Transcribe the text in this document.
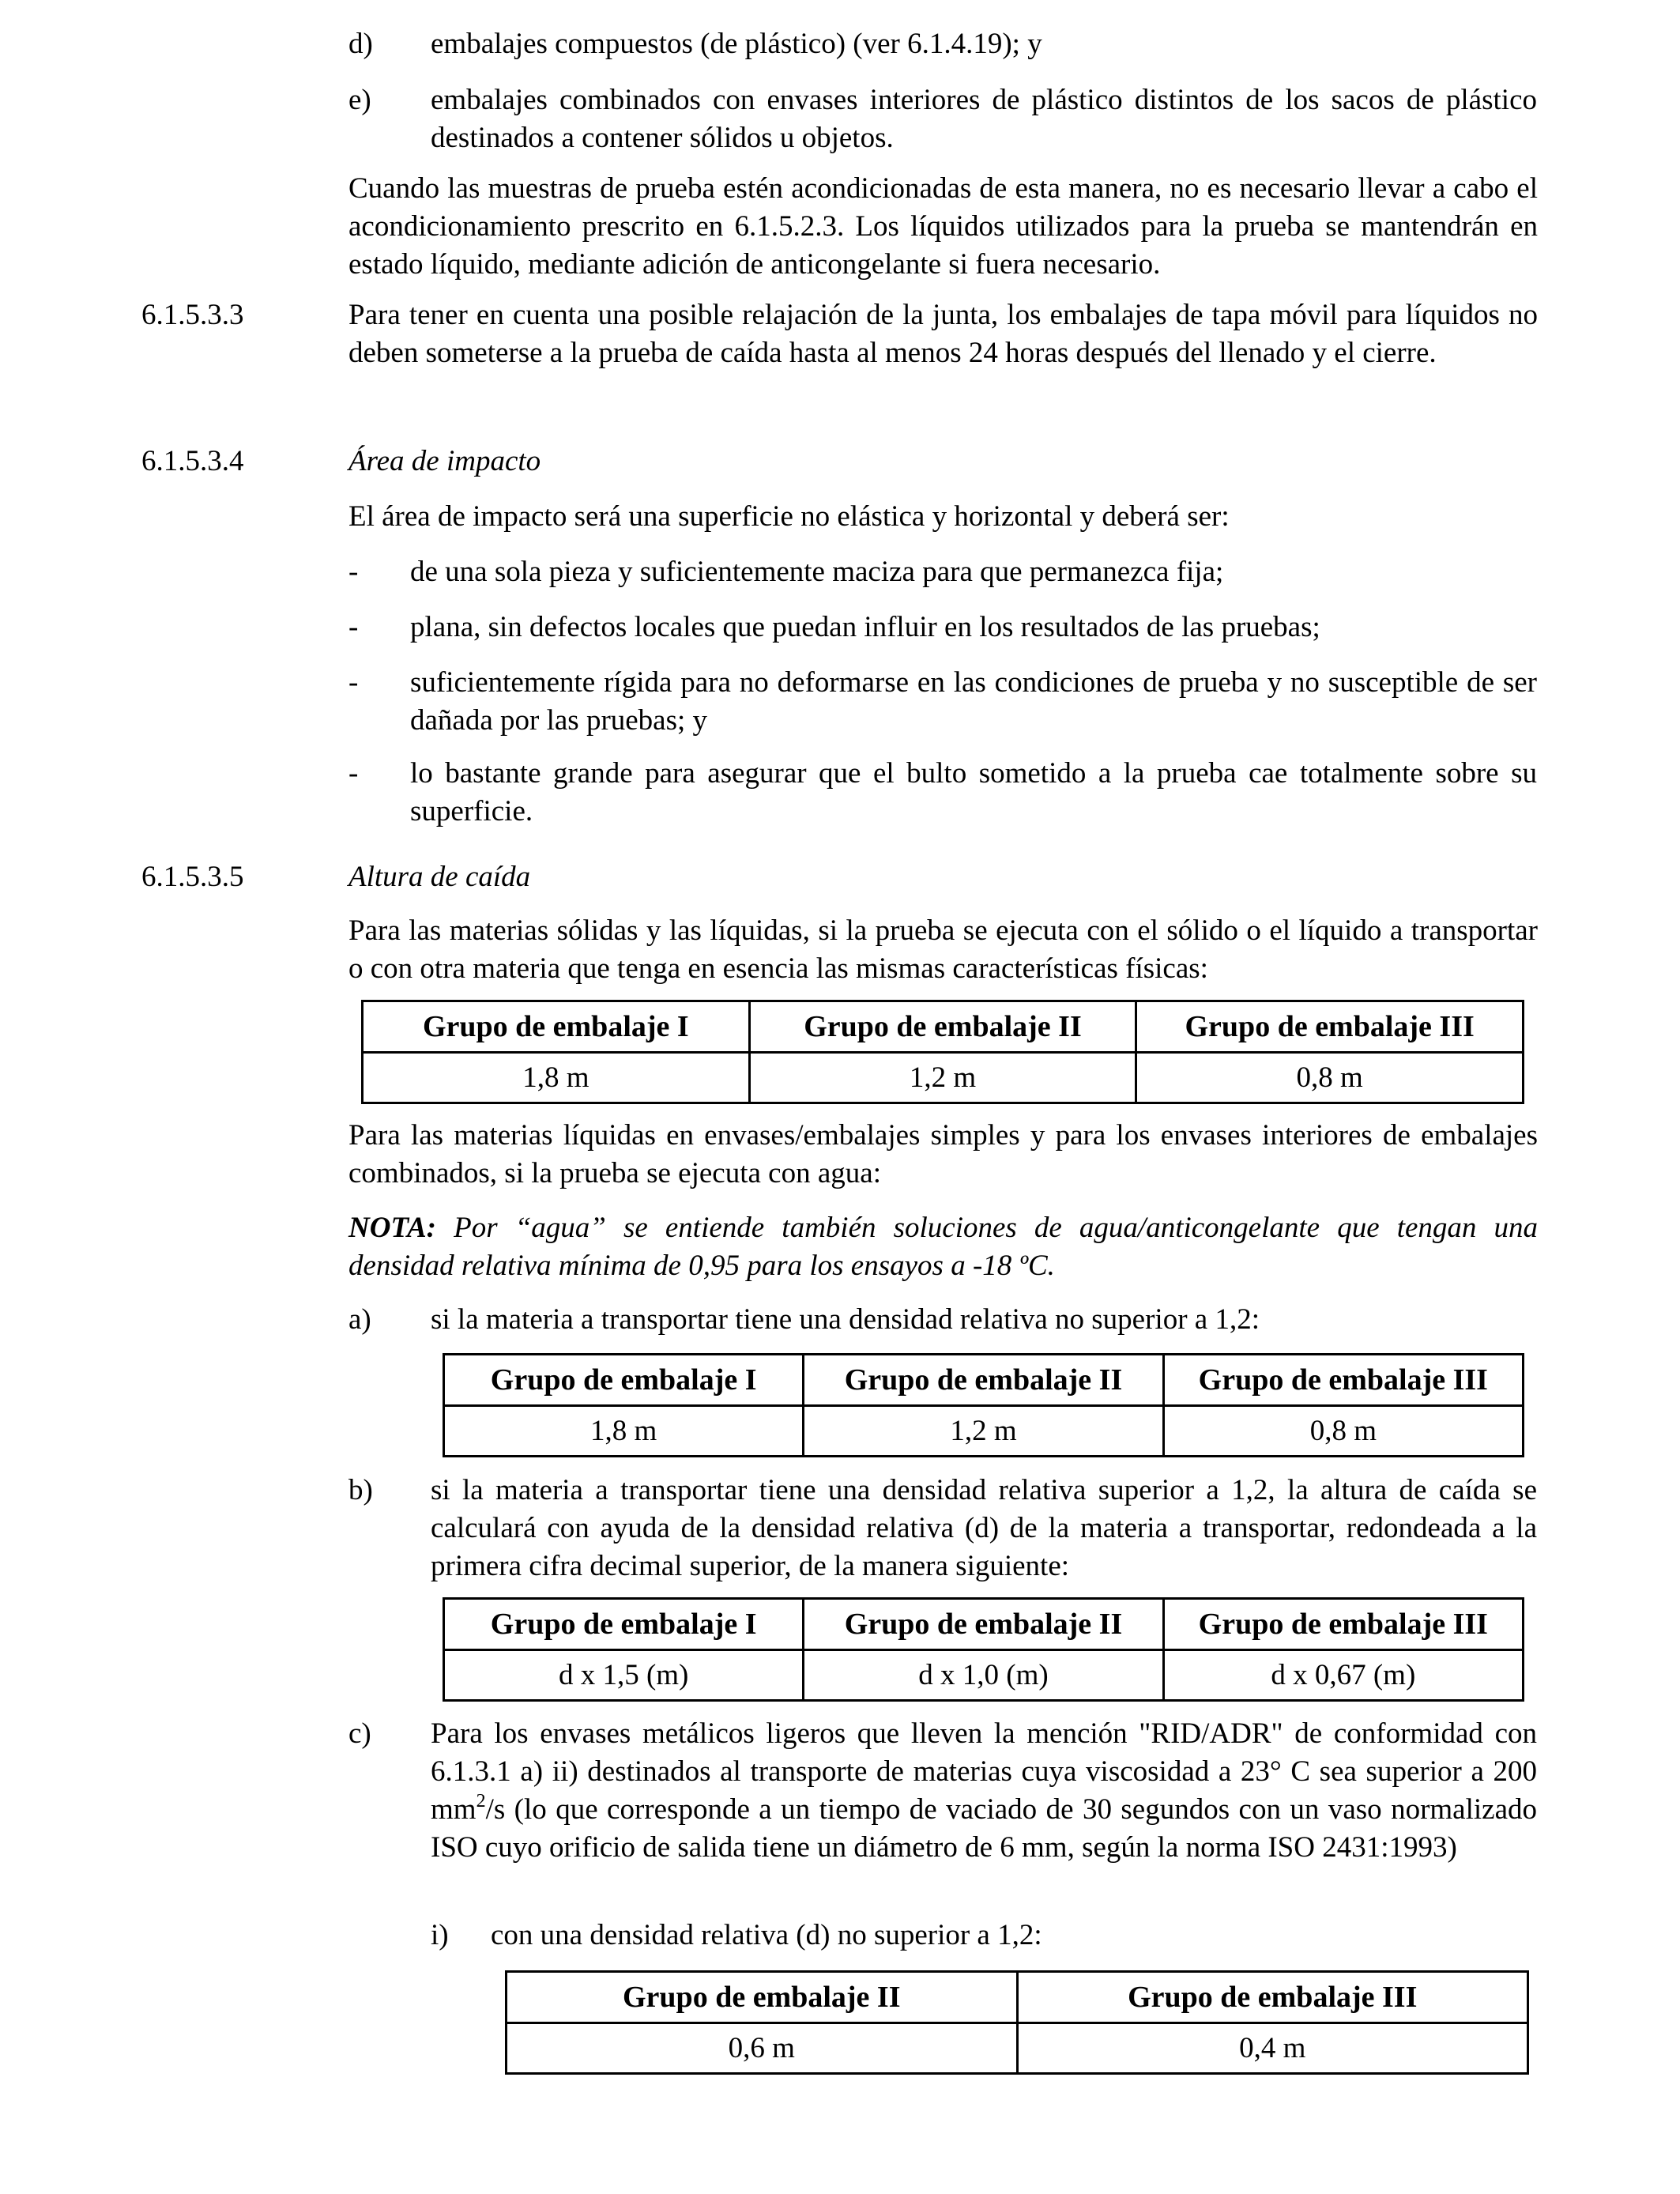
d) embalajes compuestos (de plástico) (ver 6.1.4.19); y
e) embalajes combinados con envases interiores de plástico distintos de los sacos de plástico destinados a contener sólidos u objetos.
Cuando las muestras de prueba estén acondicionadas de esta manera, no es necesario llevar a cabo el acondicionamiento prescrito en 6.1.5.2.3. Los líquidos utilizados para la prueba se mantendrán en estado líquido, mediante adición de anticongelante si fuera necesario.
6.1.5.3.3	Para tener en cuenta una posible relajación de la junta, los embalajes de tapa móvil para líquidos no deben someterse a la prueba de caída hasta al menos 24 horas después del llenado y el cierre.
6.1.5.3.4	Área de impacto
El área de impacto será una superficie no elástica y horizontal y deberá ser:
- de una sola pieza y suficientemente maciza para que permanezca fija;
- plana, sin defectos locales que puedan influir en los resultados de las pruebas;
- suficientemente rígida para no deformarse en las condiciones de prueba y no susceptible de ser dañada por las pruebas; y
- lo bastante grande para asegurar que el bulto sometido a la prueba cae totalmente sobre su superficie.
6.1.5.3.5	Altura de caída
Para las materias sólidas y las líquidas, si la prueba se ejecuta con el sólido o el líquido a transportar o con otra materia que tenga en esencia las mismas características físicas:
Grupo de embalaje I	Grupo de embalaje II	Grupo de embalaje III
1,8 m	1,2 m	0,8 m
Para las materias líquidas en envases/embalajes simples y para los envases interiores de embalajes combinados, si la prueba se ejecuta con agua:
NOTA: Por “agua” se entiende también soluciones de agua/anticongelante que tengan una densidad relativa mínima de 0,95 para los ensayos a -18 ºC.
a) si la materia a transportar tiene una densidad relativa no superior a 1,2:
Grupo de embalaje I	Grupo de embalaje II	Grupo de embalaje III
1,8 m	1,2 m	0,8 m
b) si la materia a transportar tiene una densidad relativa superior a 1,2, la altura de caída se calculará con ayuda de la densidad relativa (d) de la materia a transportar, redondeada a la primera cifra decimal superior, de la manera siguiente:
Grupo de embalaje I	Grupo de embalaje II	Grupo de embalaje III
d x 1,5 (m)	d x 1,0 (m)	d x 0,67 (m)
c) Para los envases metálicos ligeros que lleven la mención "RID/ADR" de conformidad con 6.1.3.1 a) ii) destinados al transporte de materias cuya viscosidad a 23° C sea superior a 200 $mm^2/s$ (lo que corresponde a un tiempo de vaciado de 30 segundos con un vaso normalizado ISO cuyo orificio de salida tiene un diámetro de 6 mm, según la norma ISO 2431:1993)
i) con una densidad relativa (d) no superior a 1,2:
Grupo de embalaje II	Grupo de embalaje III
0,6 m	0,4 m
